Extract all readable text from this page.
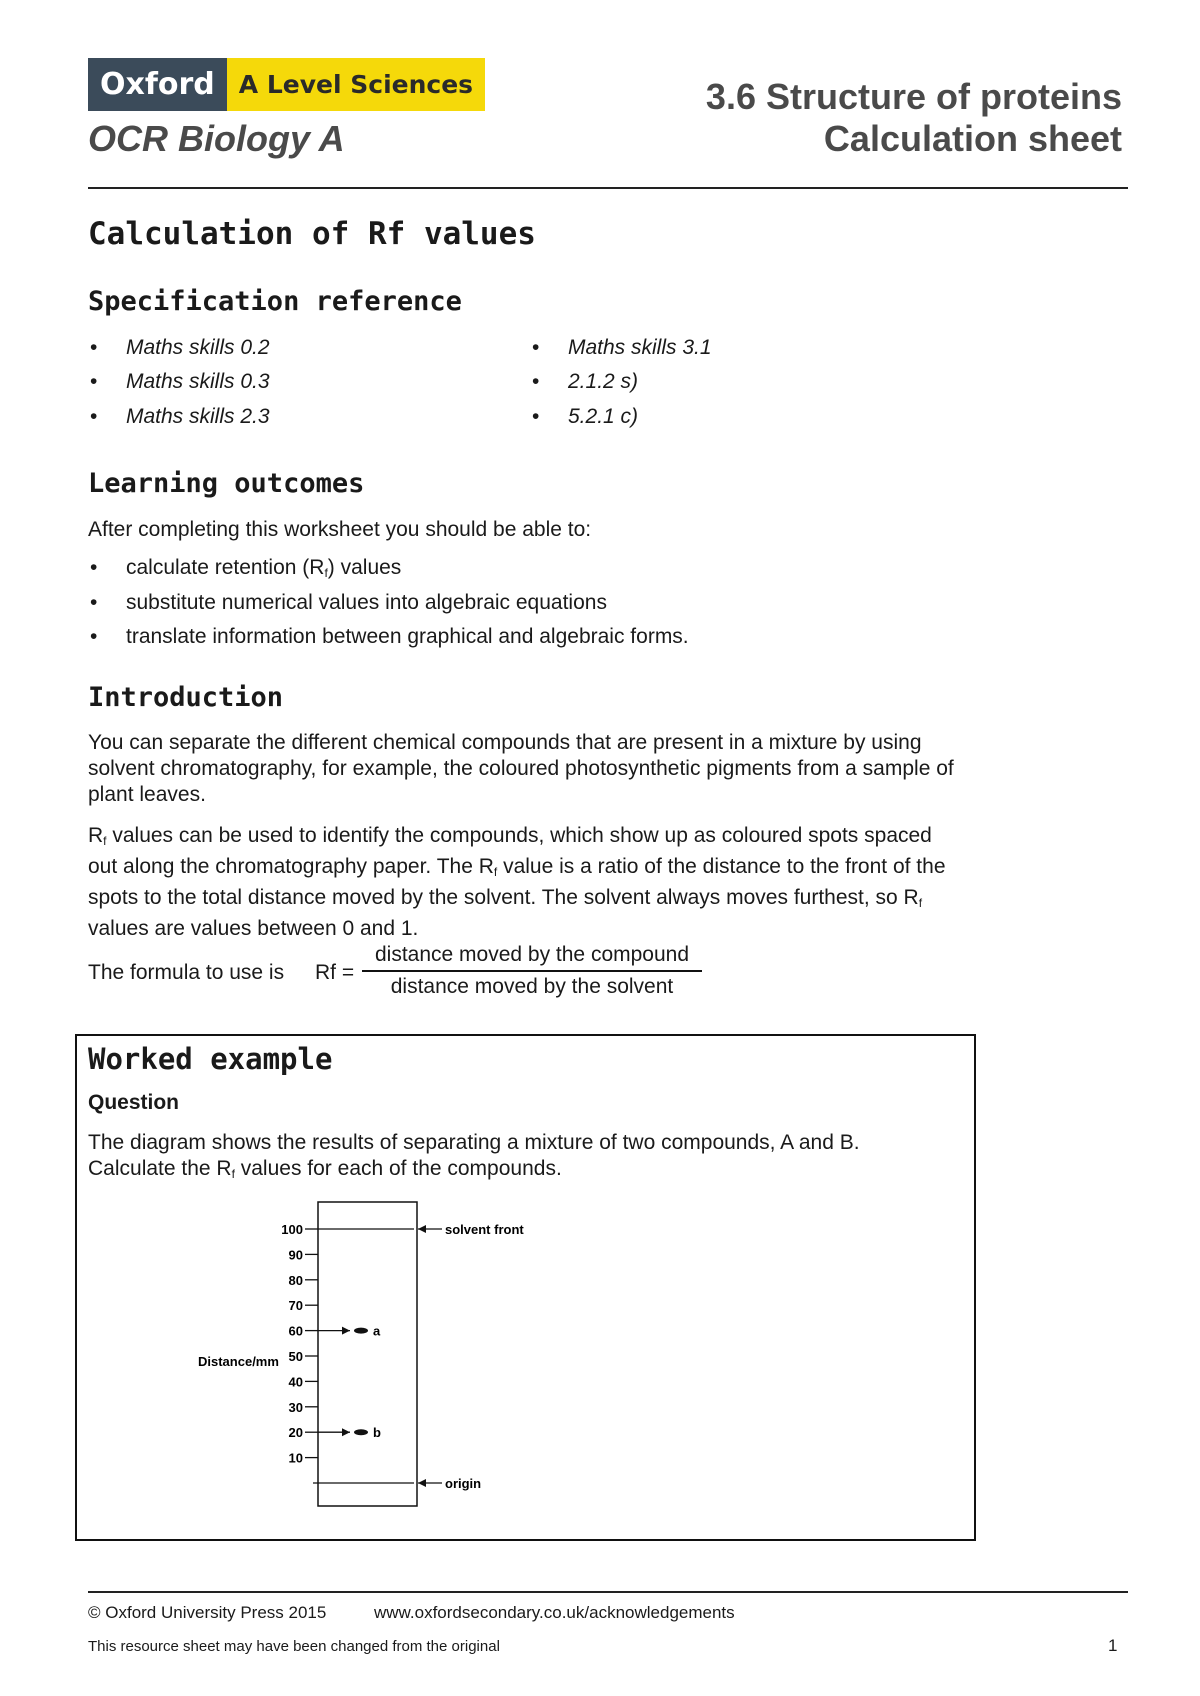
Oxford A Level Sciences
OCR Biology A
3.6 Structure of proteins
Calculation sheet
Calculation of Rf values
Specification reference
• Maths skills 0.2
• Maths skills 0.3
• Maths skills 2.3
• Maths skills 3.1
• 2.1.2 s)
• 5.2.1 c)
Learning outcomes
After completing this worksheet you should be able to:
• calculate retention $(R_f)$ values
• substitute numerical values into algebraic equations
• translate information between graphical and algebraic forms.
Introduction
You can separate the different chemical compounds that are present in a mixture by using solvent chromatography, for example, the coloured photosynthetic pigments from a sample of plant leaves.
$R_f$ values can be used to identify the compounds, which show up as coloured spots spaced out along the chromatography paper. The $R_f$ value is a ratio of the distance to the front of the spots to the total distance moved by the solvent. The solvent always moves furthest, so $R_f$ values are values between 0 and 1.
The formula to use is Rf =
distance moved by the compound
distance moved by the solvent
Worked example
Question
The diagram shows the results of separating a mixture of two compounds, A and B.
Calculate the $R_f$ values for each of the compounds.
10
20
30
40
50
60
70
80
90
100
Distance/mm
solvent front
origin
a
b
© Oxford University Press 2015	www.oxfordsecondary.co.uk/acknowledgements
This resource sheet may have been changed from the original	1
